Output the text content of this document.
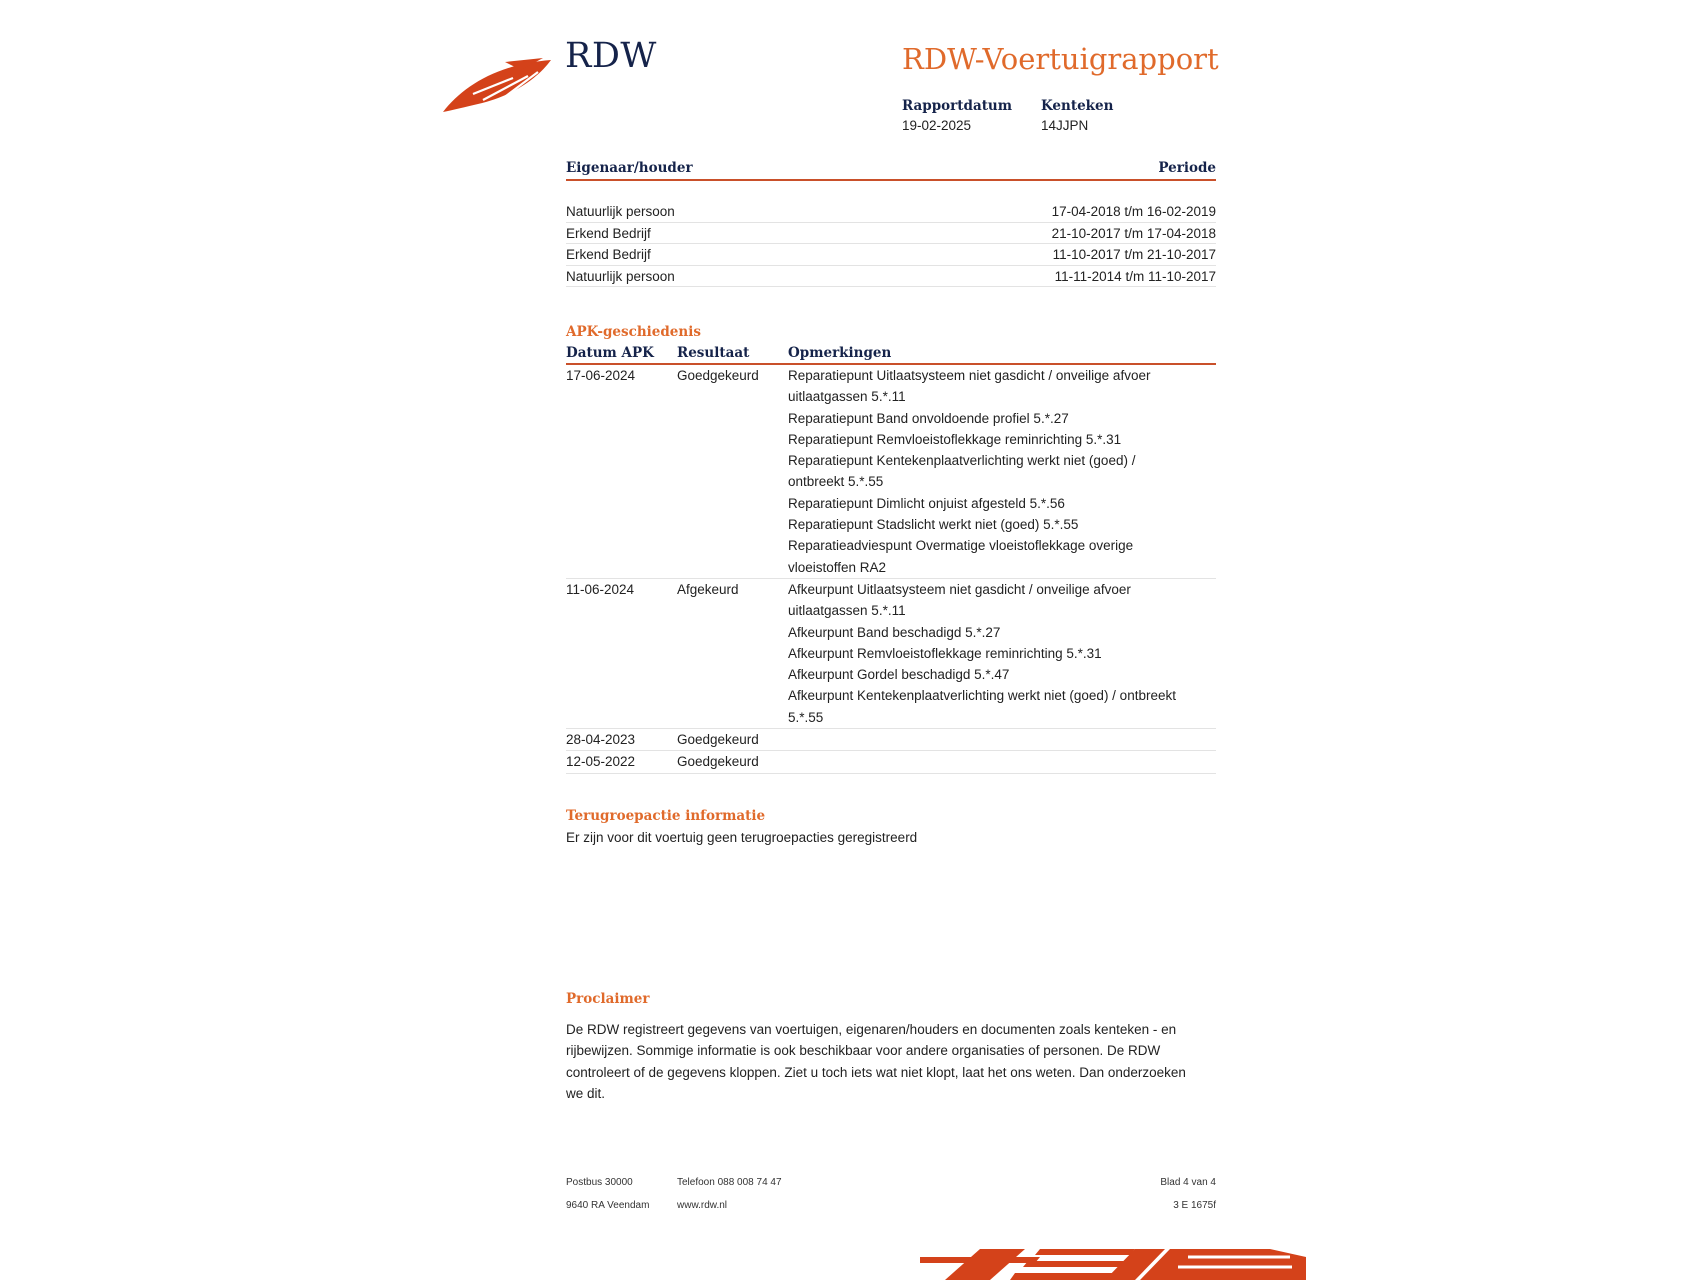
RDW	RDW-Voertuigrapport
Rapportdatum
19-02-2025
Kenteken
14JJPN
Eigenaar/houder	Periode
Natuurlijk persoon	17-04-2018 t/m 16-02-2019
Erkend Bedrijf	21-10-2017 t/m 17-04-2018
Erkend Bedrijf	11-10-2017 t/m 21-10-2017
Natuurlijk persoon	11-11-2014 t/m 11-10-2017
APK-geschiedenis
Datum APK	Resultaat	Opmerkingen
17-06-2024	Goedgekeurd	Reparatiepunt Uitlaatsysteem niet gasdicht / onveilige afvoer
uitlaatgassen 5.*.11
Reparatiepunt Band onvoldoende profiel 5.*.27
Reparatiepunt Remvloeistoflekkage reminrichting 5.*.31
Reparatiepunt Kentekenplaatverlichting werkt niet (goed) /
ontbreekt 5.*.55
Reparatiepunt Dimlicht onjuist afgesteld 5.*.56
Reparatiepunt Stadslicht werkt niet (goed) 5.*.55
Reparatieadviespunt Overmatige vloeistoflekkage overige
vloeistoffen RA2
11-06-2024	Afgekeurd	Afkeurpunt Uitlaatsysteem niet gasdicht / onveilige afvoer
uitlaatgassen 5.*.11
Afkeurpunt Band beschadigd 5.*.27
Afkeurpunt Remvloeistoflekkage reminrichting 5.*.31
Afkeurpunt Gordel beschadigd 5.*.47
Afkeurpunt Kentekenplaatverlichting werkt niet (goed) / ontbreekt
5.*.55
28-04-2023	Goedgekeurd
12-05-2022	Goedgekeurd
Terugroepactie informatie
Er zijn voor dit voertuig geen terugroepacties geregistreerd
Proclaimer
De RDW registreert gegevens van voertuigen, eigenaren/houders en documenten zoals kenteken - en
rijbewijzen. Sommige informatie is ook beschikbaar voor andere organisaties of personen. De RDW
controleert of de gegevens kloppen. Ziet u toch iets wat niet klopt, laat het ons weten. Dan onderzoeken
we dit.
Postbus 30000
9640 RA Veendam
Telefoon 088 008 74 47
www.rdw.nl
Blad 4 van 4
3 E 1675f
